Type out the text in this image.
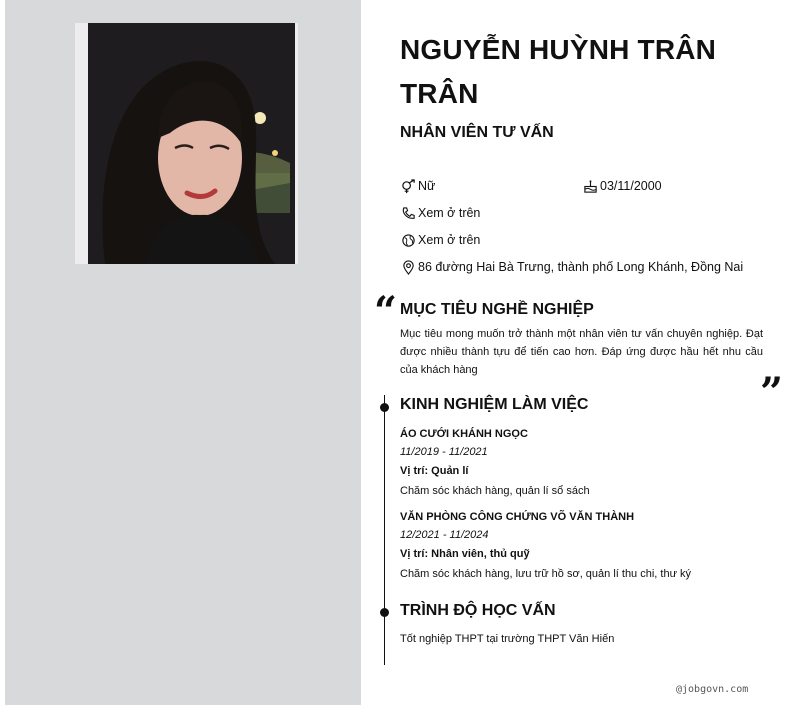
NGUYỄN HUỲNH TRÂN TRÂN
NHÂN VIÊN TƯ VẤN
Nữ	03/11/2000
Xem ở trên
Xem ở trên
86 đường Hai Bà Trưng, thành phố Long Khánh, Đồng Nai
“
”
MỤC TIÊU NGHỀ NGHIỆP
Mục tiêu mong muốn trở thành một nhân viên tư vấn chuyên nghiệp. Đạt được nhiều thành tựu để tiến cao hơn. Đáp ứng được hầu hết nhu cầu của khách hàng
KINH NGHIỆM LÀM VIỆC
ÁO CƯỚI KHÁNH NGỌC
11/2019 - 11/2021
Vị trí: Quản lí
Chăm sóc khách hàng, quản lí sổ sách
VĂN PHÒNG CÔNG CHỨNG VÕ VĂN THÀNH
12/2021 - 11/2024
Vị trí: Nhân viên, thủ quỹ
Chăm sóc khách hàng, lưu trữ hồ sơ, quản lí thu chi, thư ký
TRÌNH ĐỘ HỌC VẤN
Tốt nghiệp THPT tại trường THPT Văn Hiến
@jobgovn.com
